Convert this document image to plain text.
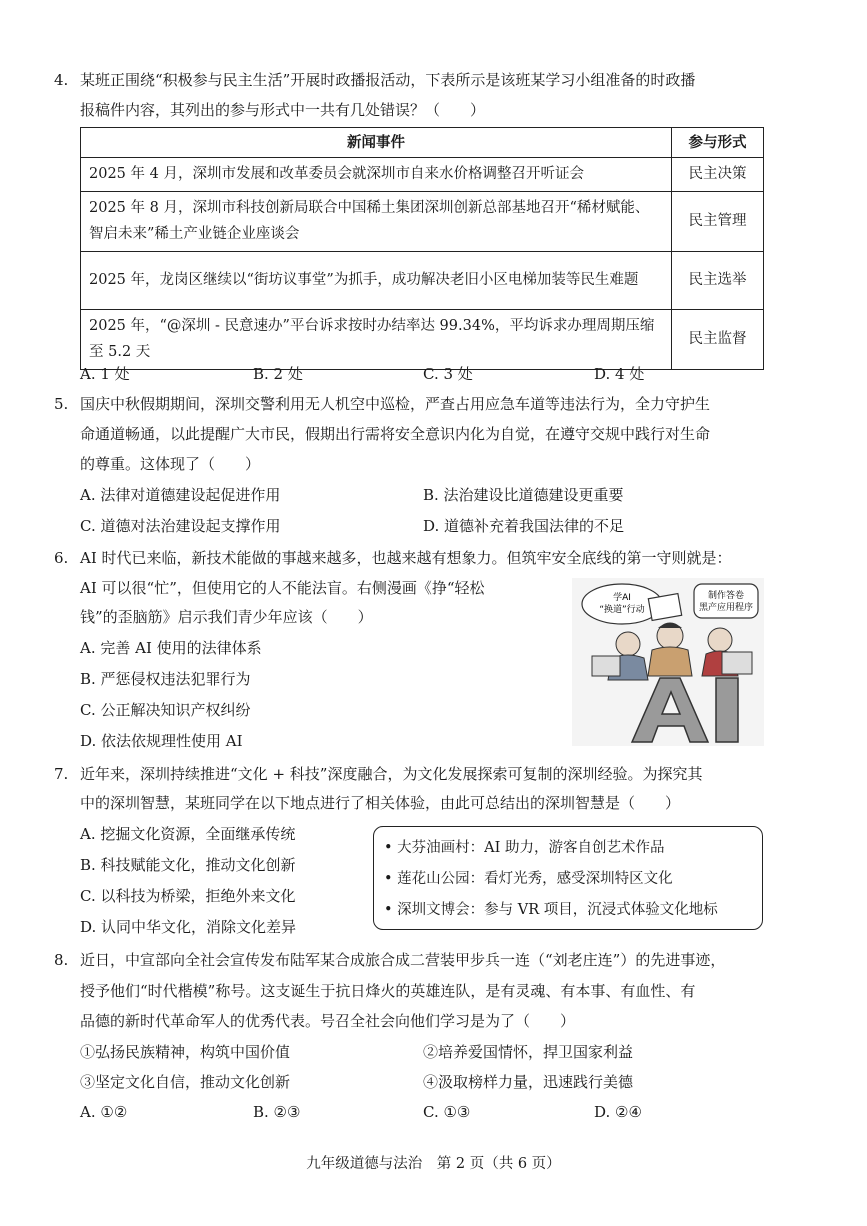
4. 某班正围绕“积极参与民主生活”开展时政播报活动，下表所示是该班某学习小组准备的时政播
报稿件内容，其列出的参与形式中一共有几处错误？（　　）
新闻事件	参与形式
2025 年 4 月，深圳市发展和改革委员会就深圳市自来水价格调整召开听证会	民主决策
2025 年 8 月，深圳市科技创新局联合中国稀土集团深圳创新总部基地召开“稀材赋能、智启未来”稀土产业链企业座谈会	民主管理
2025 年，龙岗区继续以“街坊议事堂”为抓手，成功解决老旧小区电梯加装等民生难题	民主选举
2025 年，“@深圳 - 民意速办”平台诉求按时办结率达 99.34%，平均诉求办理周期压缩至 5.2 天	民主监督
A. 1 处	B. 2 处	C. 3 处	D. 4 处
5. 国庆中秋假期期间，深圳交警利用无人机空中巡检，严查占用应急车道等违法行为，全力守护生
命通道畅通，以此提醒广大市民，假期出行需将安全意识内化为自觉，在遵守交规中践行对生命
的尊重。这体现了（　　）
A. 法律对道德建设起促进作用	B. 法治建设比道德建设更重要
C. 道德对法治建设起支撑作用	D. 道德补充着我国法律的不足
6. AI 时代已来临，新技术能做的事越来越多，也越来越有想象力。但筑牢安全底线的第一守则就是：
AI 可以很“忙”，但使用它的人不能法盲。右侧漫画《挣“轻松
钱”的歪脑筋》启示我们青少年应该（　　）
A. 完善 AI 使用的法律体系
B. 严惩侵权违法犯罪行为
C. 公正解决知识产权纠纷
D. 依法依规理性使用 AI
学AI
“换道”行动
制作答卷
黑产应用程序
7. 近年来，深圳持续推进“文化 + 科技”深度融合，为文化发展探索可复制的深圳经验。为探究其
中的深圳智慧，某班同学在以下地点进行了相关体验，由此可总结出的深圳智慧是（　　）
A. 挖掘文化资源，全面继承传统
B. 科技赋能文化，推动文化创新
C. 以科技为桥梁，拒绝外来文化
D. 认同中华文化，消除文化差异
• 大芬油画村：AI 助力，游客自创艺术作品
• 莲花山公园：看灯光秀，感受深圳特区文化
• 深圳文博会：参与 VR 项目，沉浸式体验文化地标
8. 近日，中宣部向全社会宣传发布陆军某合成旅合成二营装甲步兵一连（“刘老庄连”）的先进事迹，
授予他们“时代楷模”称号。这支诞生于抗日烽火的英雄连队，是有灵魂、有本事、有血性、有
品德的新时代革命军人的优秀代表。号召全社会向他们学习是为了（　　）
①弘扬民族精神，构筑中国价值	②培养爱国情怀，捍卫国家利益
③坚定文化自信，推动文化创新	④汲取榜样力量，迅速践行美德
A. ①②	B. ②③	C. ①③	D. ②④
九年级道德与法治　第 2 页（共 6 页）
